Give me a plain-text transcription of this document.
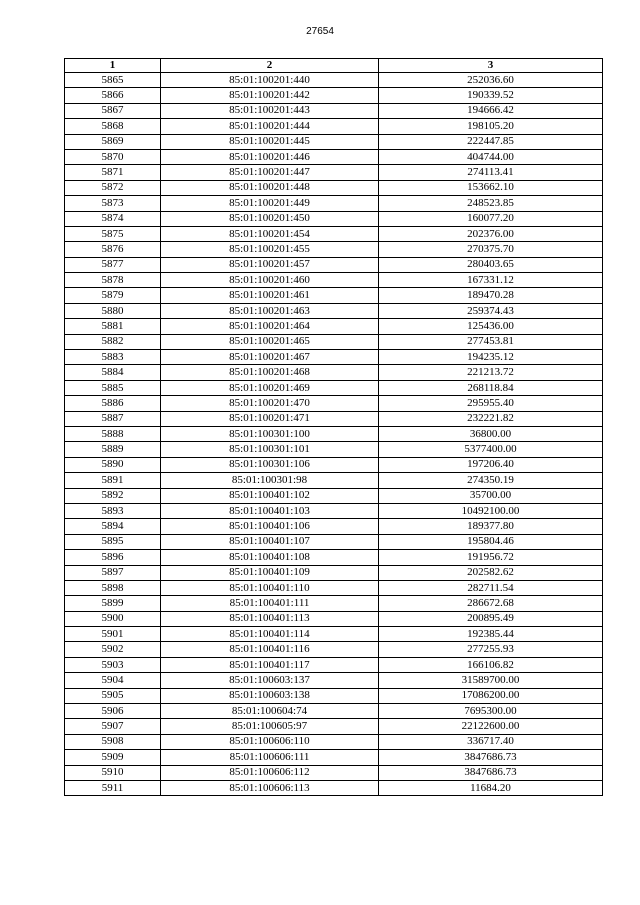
27654
1	2	3
5865	85:01:100201:440	252036.60
5866	85:01:100201:442	190339.52
5867	85:01:100201:443	194666.42
5868	85:01:100201:444	198105.20
5869	85:01:100201:445	222447.85
5870	85:01:100201:446	404744.00
5871	85:01:100201:447	274113.41
5872	85:01:100201:448	153662.10
5873	85:01:100201:449	248523.85
5874	85:01:100201:450	160077.20
5875	85:01:100201:454	202376.00
5876	85:01:100201:455	270375.70
5877	85:01:100201:457	280403.65
5878	85:01:100201:460	167331.12
5879	85:01:100201:461	189470.28
5880	85:01:100201:463	259374.43
5881	85:01:100201:464	125436.00
5882	85:01:100201:465	277453.81
5883	85:01:100201:467	194235.12
5884	85:01:100201:468	221213.72
5885	85:01:100201:469	268118.84
5886	85:01:100201:470	295955.40
5887	85:01:100201:471	232221.82
5888	85:01:100301:100	36800.00
5889	85:01:100301:101	5377400.00
5890	85:01:100301:106	197206.40
5891	85:01:100301:98	274350.19
5892	85:01:100401:102	35700.00
5893	85:01:100401:103	10492100.00
5894	85:01:100401:106	189377.80
5895	85:01:100401:107	195804.46
5896	85:01:100401:108	191956.72
5897	85:01:100401:109	202582.62
5898	85:01:100401:110	282711.54
5899	85:01:100401:111	286672.68
5900	85:01:100401:113	200895.49
5901	85:01:100401:114	192385.44
5902	85:01:100401:116	277255.93
5903	85:01:100401:117	166106.82
5904	85:01:100603:137	31589700.00
5905	85:01:100603:138	17086200.00
5906	85:01:100604:74	7695300.00
5907	85:01:100605:97	22122600.00
5908	85:01:100606:110	336717.40
5909	85:01:100606:111	3847686.73
5910	85:01:100606:112	3847686.73
5911	85:01:100606:113	11684.20
